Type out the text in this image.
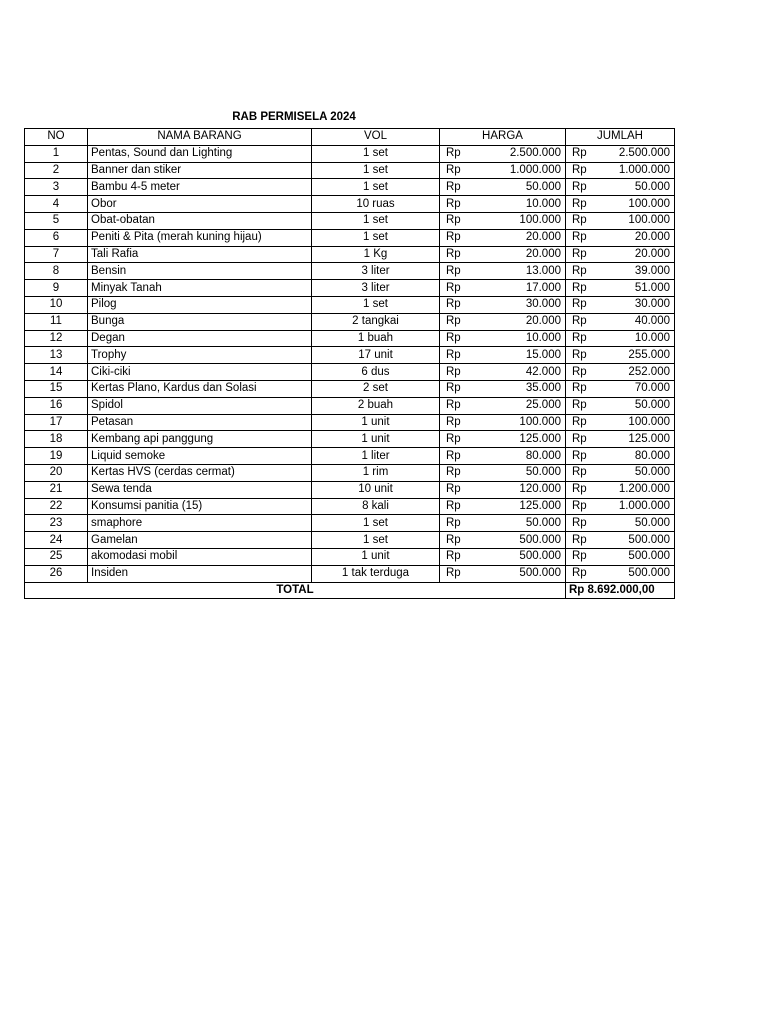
RAB PERMISELA 2024
NO	NAMA BARANG	VOL	HARGA		JUMLAH	
1	Pentas, Sound dan Lighting	1 set	Rp	2.500.000	Rp	2.500.000
2	Banner dan stiker	1 set	Rp	1.000.000	Rp	1.000.000
3	Bambu 4-5 meter	1 set	Rp	50.000	Rp	50.000
4	Obor	10 ruas	Rp	10.000	Rp	100.000
5	Obat-obatan	1 set	Rp	100.000	Rp	100.000
6	Peniti & Pita (merah kuning hijau)	1 set	Rp	20.000	Rp	20.000
7	Tali Rafia	1 Kg	Rp	20.000	Rp	20.000
8	Bensin	3 liter	Rp	13.000	Rp	39.000
9	Minyak Tanah	3 liter	Rp	17.000	Rp	51.000
10	Pilog	1 set	Rp	30.000	Rp	30.000
11	Bunga	2 tangkai	Rp	20.000	Rp	40.000
12	Degan	1 buah	Rp	10.000	Rp	10.000
13	Trophy	17 unit	Rp	15.000	Rp	255.000
14	Ciki-ciki	6 dus	Rp	42.000	Rp	252.000
15	Kertas Plano, Kardus dan Solasi	2 set	Rp	35.000	Rp	70.000
16	Spidol	2 buah	Rp	25.000	Rp	50.000
17	Petasan	1 unit	Rp	100.000	Rp	100.000
18	Kembang api panggung	1 unit	Rp	125.000	Rp	125.000
19	Liquid semoke	1 liter	Rp	80.000	Rp	80.000
20	Kertas HVS (cerdas cermat)	1 rim	Rp	50.000	Rp	50.000
21	Sewa tenda	10 unit	Rp	120.000	Rp	1.200.000
22	Konsumsi panitia (15)	8 kali	Rp	125.000	Rp	1.000.000
23	smaphore	1 set	Rp	50.000	Rp	50.000
24	Gamelan	1 set	Rp	500.000	Rp	500.000
25	akomodasi mobil	1 unit	Rp	500.000	Rp	500.000
26	Insiden	1 tak terduga	Rp	500.000	Rp	500.000
TOTAL					Rp 8.692.000,00	
